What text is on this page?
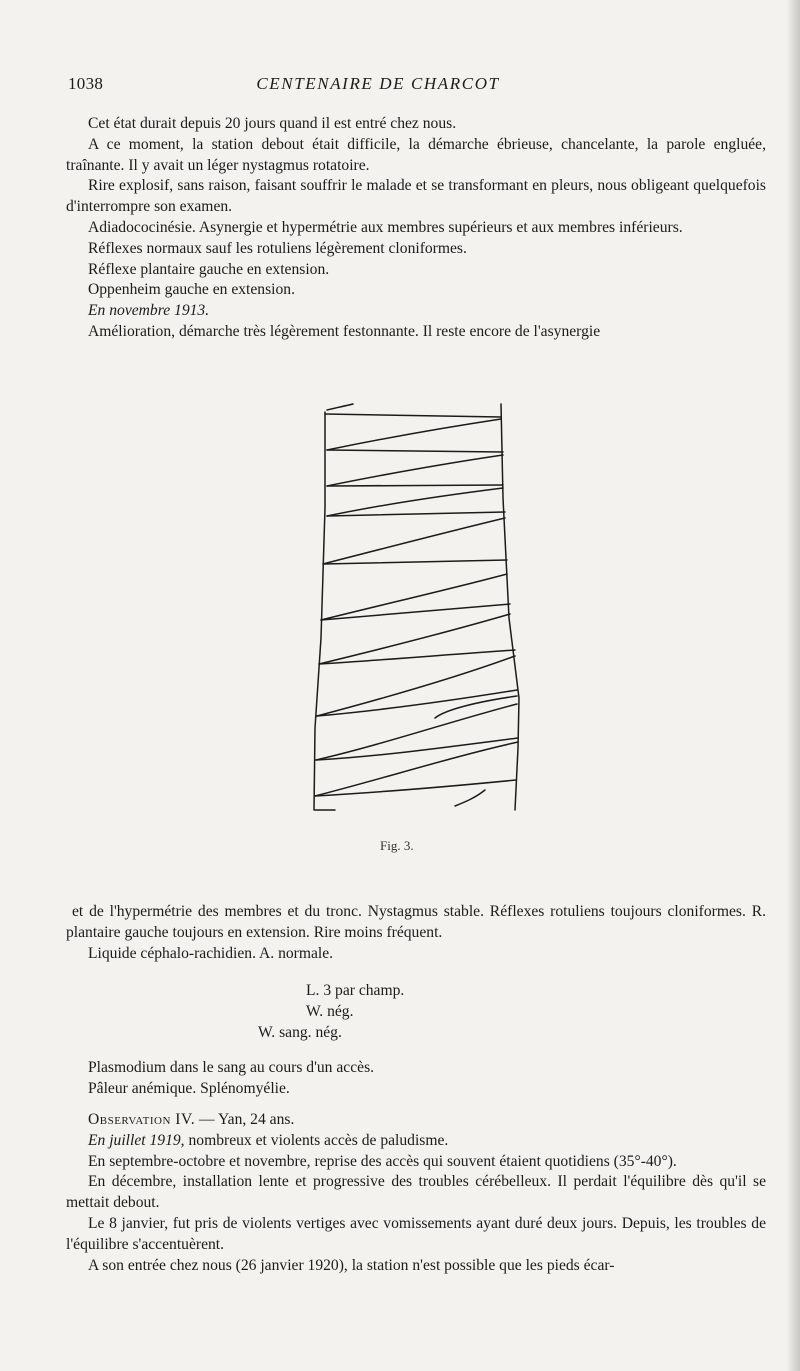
1038	CENTENAIRE DE CHARCOT

Cet état durait depuis 20 jours quand il est entré chez nous.

A ce moment, la station debout était difficile, la démarche ébrieuse, chancelante, la parole engluée, traînante. Il y avait un léger nystagmus rotatoire.

Rire explosif, sans raison, faisant souffrir le malade et se transformant en pleurs, nous obligeant quelquefois d'interrompre son examen.

Adiadococinésie. Asynergie et hypermétrie aux membres supérieurs et aux membres inférieurs.

Réflexes normaux sauf les rotuliens légèrement cloniformes.

Réflexe plantaire gauche en extension.

Oppenheim gauche en extension.

En novembre 1913.

Amélioration, démarche très légèrement festonnante. Il reste encore de l'asynergie

Fig. 3.

et de l'hypermétrie des membres et du tronc. Nystagmus stable. Réflexes rotuliens toujours cloniformes. R. plantaire gauche toujours en extension. Rire moins fréquent.

Liquide céphalo-rachidien. A. normale.

L. 3 par champ.
W. nég.
W. sang. nég.

Plasmodium dans le sang au cours d'un accès.

Pâleur anémique. Splénomyélie.

Observation IV. — Yan, 24 ans.

En juillet 1919, nombreux et violents accès de paludisme.

En septembre-octobre et novembre, reprise des accès qui souvent étaient quotidiens (35°-40°).

En décembre, installation lente et progressive des troubles cérébelleux. Il perdait l'équilibre dès qu'il se mettait debout.

Le 8 janvier, fut pris de violents vertiges avec vomissements ayant duré deux jours. Depuis, les troubles de l'équilibre s'accentuèrent.

A son entrée chez nous (26 janvier 1920), la station n'est possible que les pieds écar-
